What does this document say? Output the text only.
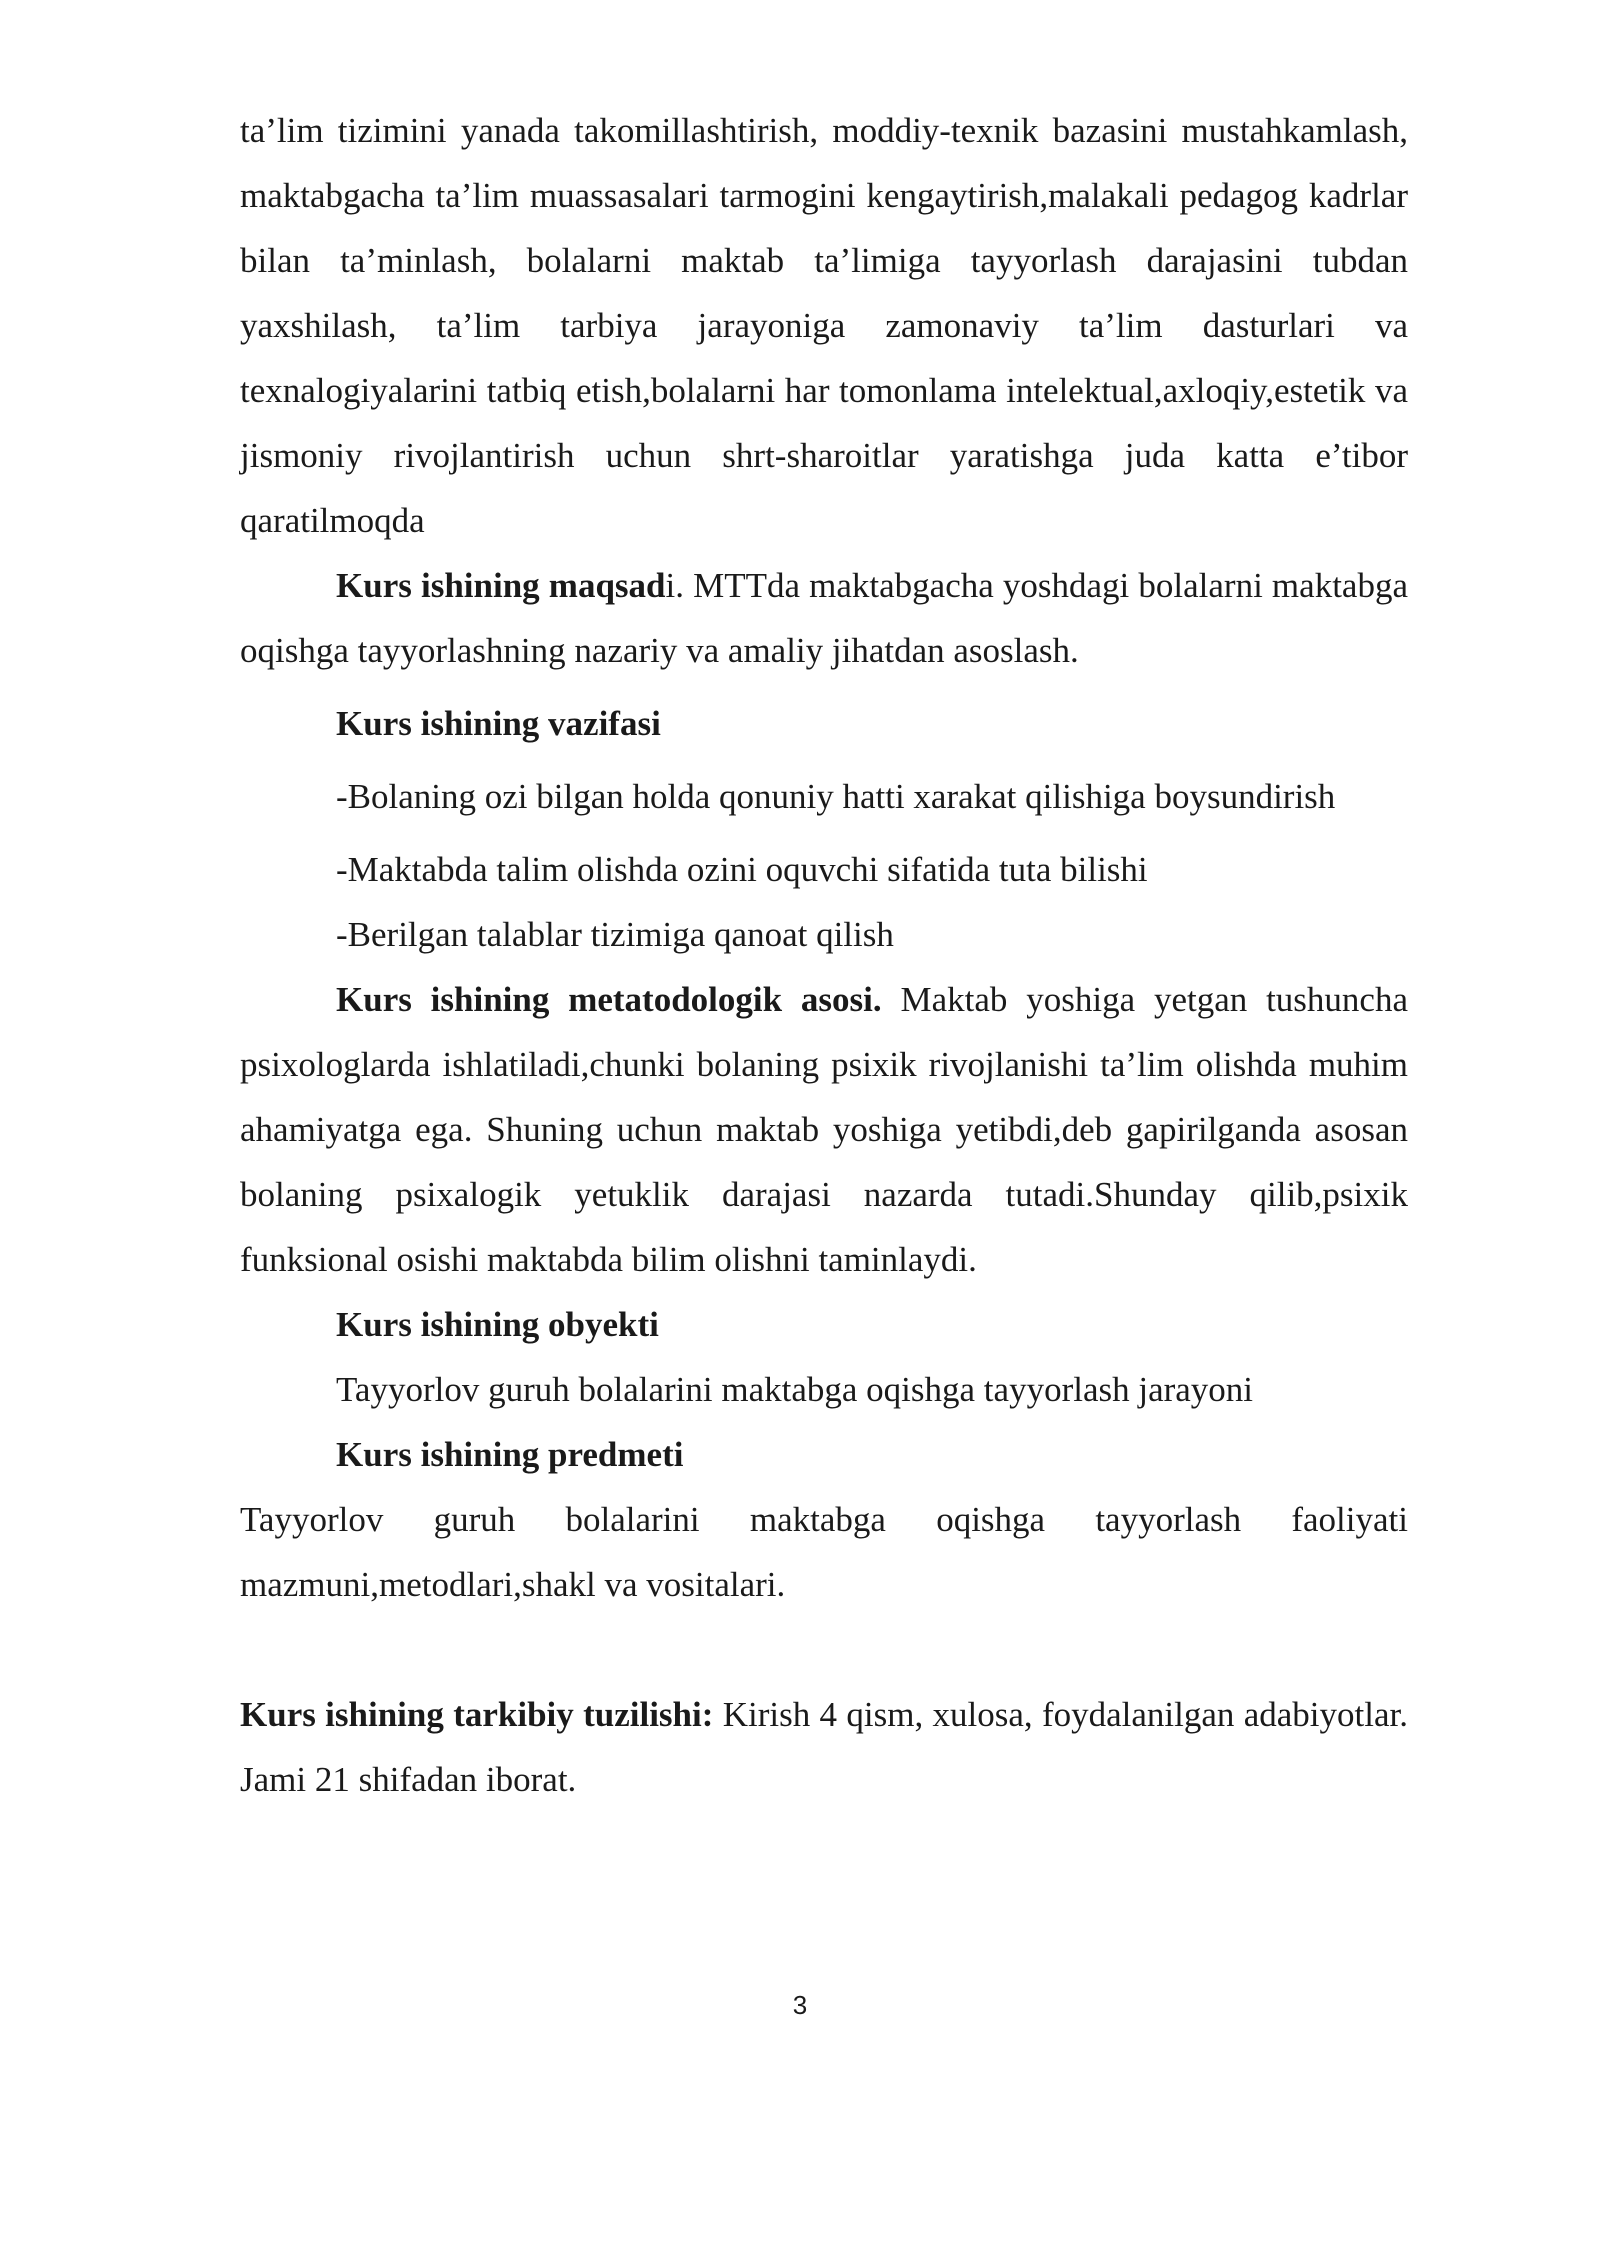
ta’lim tizimini yanada takomillashtirish, moddiy-texnik bazasini mustahkamlash, maktabgacha ta’lim muassasalari tarmogini kengaytirish,malakali pedagog kadrlar bilan ta’minlash, bolalarni maktab ta’limiga tayyorlash darajasini tubdan yaxshilash, ta’lim tarbiya jarayoniga zamonaviy ta’lim dasturlari va texnalogiyalarini tatbiq etish,bolalarni har tomonlama intelektual,axloqiy,estetik va jismoniy rivojlantirish uchun shrt-sharoitlar yaratishga juda katta e’tibor qaratilmoqda

Kurs ishining maqsadi. MTTda maktabgacha yoshdagi bolalarni maktabga oqishga tayyorlashning nazariy va amaliy jihatdan asoslash.

Kurs ishining vazifasi

-Bolaning ozi bilgan holda qonuniy hatti xarakat qilishiga boysundirish

-Maktabda talim olishda ozini oquvchi sifatida tuta bilishi

-Berilgan talablar tizimiga qanoat qilish

Kurs ishining metatodologik asosi. Maktab yoshiga yetgan tushuncha psixologlarda ishlatiladi,chunki bolaning psixik rivojlanishi ta’lim olishda muhim ahamiyatga ega. Shuning uchun maktab yoshiga yetibdi,deb gapirilganda asosan bolaning psixalogik yetuklik darajasi nazarda tutadi.Shunday qilib,psixik funksional osishi maktabda bilim olishni taminlaydi.

Kurs ishining obyekti

Tayyorlov guruh bolalarini maktabga oqishga tayyorlash jarayoni

Kurs ishining predmeti

Tayyorlov guruh bolalarini maktabga oqishga tayyorlash faoliyati mazmuni,metodlari,shakl va vositalari.

Kurs ishining tarkibiy tuzilishi: Kirish 4 qism, xulosa, foydalanilgan adabiyotlar. Jami 21 shifadan iborat.

3
